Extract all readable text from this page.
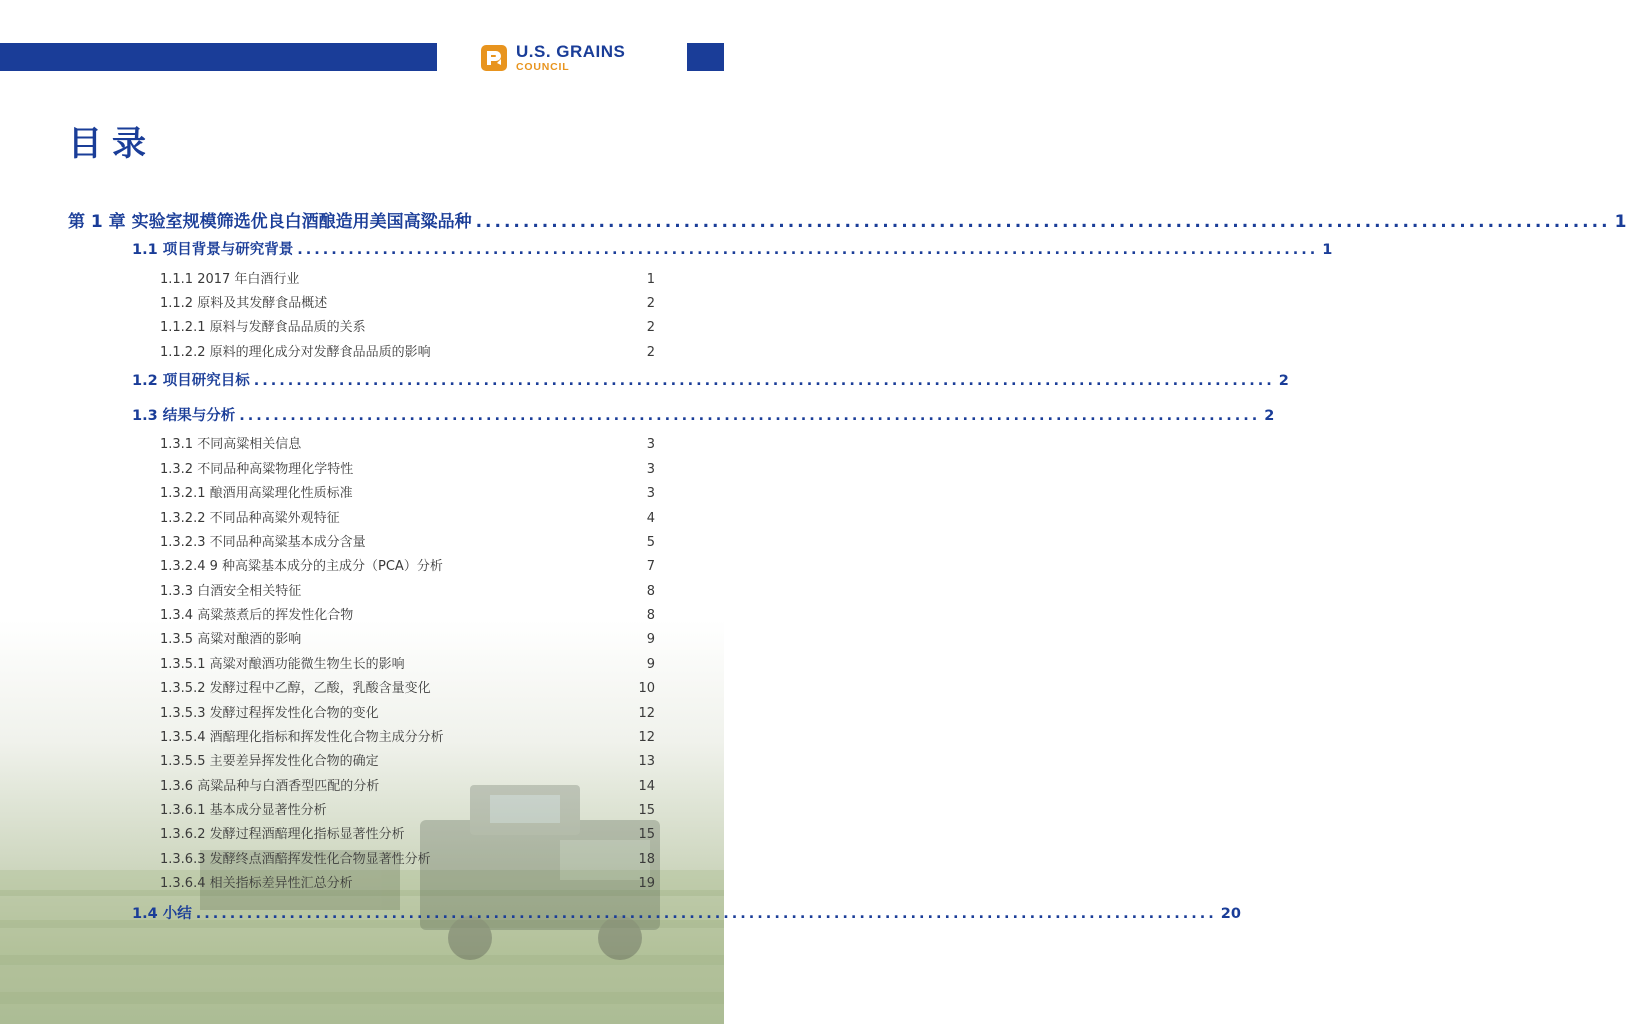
U.S. GRAINS
COUNCIL
目录
第 1 章 实验室规模筛选优良白酒酿造用美国高粱品种 ........................................................................................................................ 1
1.1 项目背景与研究背景 ........................................................................................................................ 1
1.1.1 2017 年白酒行业	1
1.1.2 原料及其发酵食品概述	2
1.1.2.1 原料与发酵食品品质的关系	2
1.1.2.2 原料的理化成分对发酵食品品质的影响	2
1.2 项目研究目标 ........................................................................................................................ 2
1.3 结果与分析 ........................................................................................................................ 2
1.3.1 不同高粱相关信息	3
1.3.2 不同品种高粱物理化学特性	3
1.3.2.1 酿酒用高粱理化性质标准	3
1.3.2.2 不同品种高粱外观特征	4
1.3.2.3 不同品种高粱基本成分含量	5
1.3.2.4 9 种高粱基本成分的主成分（PCA）分析	7
1.3.3 白酒安全相关特征	8
1.3.4 高粱蒸煮后的挥发性化合物	8
1.3.5 高粱对酿酒的影响	9
1.3.5.1 高粱对酿酒功能微生物生长的影响	9
1.3.5.2 发酵过程中乙醇，乙酸，乳酸含量变化	10
1.3.5.3 发酵过程挥发性化合物的变化	12
1.3.5.4 酒醅理化指标和挥发性化合物主成分分析	12
1.3.5.5 主要差异挥发性化合物的确定	13
1.3.6 高粱品种与白酒香型匹配的分析	14
1.3.6.1 基本成分显著性分析	15
1.3.6.2 发酵过程酒醅理化指标显著性分析	15
1.3.6.3 发酵终点酒醅挥发性化合物显著性分析	18
1.3.6.4 相关指标差异性汇总分析	19
1.4 小结 ........................................................................................................................ 20
